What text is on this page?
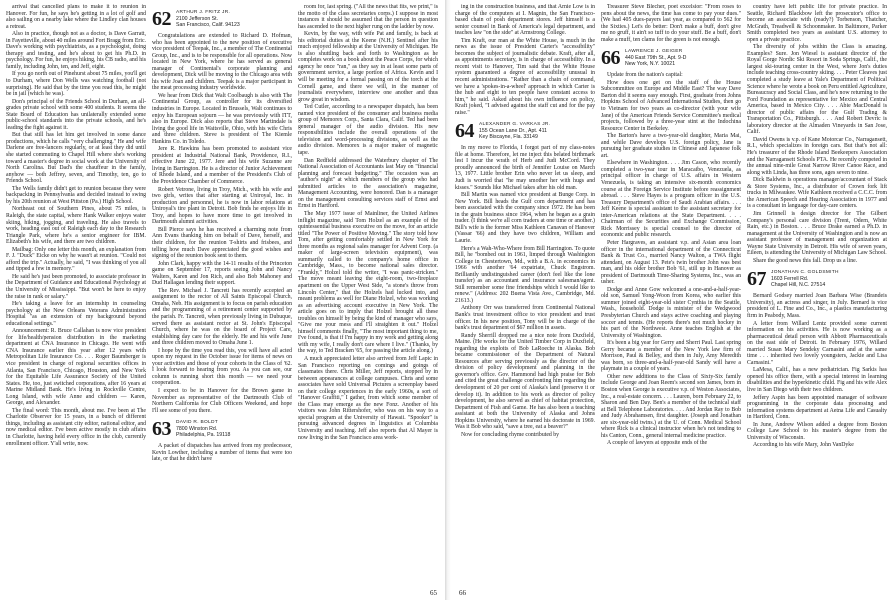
arrival that cancelled plans to make it to reunion in Hanover. For fun, he says he's getting in a lot of golf and also sailing on a nearby lake where the Lindley clan houses a retreat.

Also in practice, though not as a doctor, is Dave Garratt, in Fayetteville, about 40 miles around Fort Bragg from Eric. Dave's working with psychiatrists, as a psychologist, doing therapy and testing, and he's about to get his Ph.D. in psychology. For fun, he enjoys hiking, his CB radio, and his family, including John, ten, and Jeff, eight.

If you go north out of Pinehurst about 75 miles, you'll get to Durham, where Don Wells was watching football (not surprising). He said that by the time you read this, he might be in jail (which he was).

Don's principal of the Friends School in Durham, an all-grades private school with some 400 students. It seems the State Board of Education has unilaterally extended some public-school standards into the private schools, and he's leading the fight against it.

But that still has let him get involved in some dance productions, which he calls "very challenging." He and wife Darlene are free-lancers regularly, or at least they did until she started commuting to Chapel Hill where she's working toward a master's degree in social work at the University of North Carolina. But Dad's the chauffeur in the family, anyhow — both Jeffrey, seven, and Timothy, ten, go to Friends School.

The Wells family didn't get to reunion because they were backpacking in Pennsylvania and decided instead to swing by his 20th reunion at West Pittston (Pa.) High School.

Northeast out of Southern Pines, about 75 miles, is Raleigh, the state capital, where Hank Walker enjoys water skiing, hiking, jogging, and traveling. He also travels to work, heading east out of Raleigh each day to the Research Triangle Park, where he's a senior engineer for IBM. Elizabeth's his wife, and there are two children.

Mailbag: Only one letter this month, an explanation from F. J. "Duck" Eicke on why he wasn't at reunion. "Could not afford the trip." Actually, he said, "I was thinking of you all and tipped a few in memory."

He said he's just been promoted, to associate professor in the Department of Guidance and Educational Psychology at the University of Mississippi. "But won't be here to enjoy the raise in rank or salary."

He's taking a leave for an internship in counseling psychology at the New Orleans Veterans Administration Hospital "as an extension of my background beyond educational settings."

Announcement: R. Bruce Callahan is now vice president for life/health/pension distribution in the marketing department at CNA Insurance in Chicago. He went with CNA Insurance earlier this year after 12 years with Metropolitan Life Insurance Co. . . . Roger Baumberger is vice president in charge of regional securities offices in Atlanta, San Francisco, Chicago, Houston, and New York for the Equitable Life Assurance Society of the United States. He, too, just switched corporations, after 16 years at Marine Midland Bank. He's living in Rockville Centre, Long Island, with wife Anne and children — Karen, George, and Alexander.

The final word: This month, about me. I've been at The Charlotte Observer for 15 years, in a bunch of different things, including as assistant city editor, national editor, and now medical editor. I've been active mostly in club affairs in Charlotte, having held every office in the club, currently enrollment officer. Y'all write, now.

62 ARTHUR J. FRITZ JR.
2100 Jefferson St.
San Francisco, Calif. 94123

Congratulations are extended to Richard D. Hofman, who has been appointed to the new position of executive vice president of Teepak, Inc., a member of The Continental Group, Inc., and is to be responsible for all operations. Now located in New York, where he has served as general manager of Continental's corporate planning and development, Dick will be moving to the Chicago area with his wife Joan and children. Teepak is a major participant in the meat processing industry worldwide.

We hear from Dick that Walt Coolbaugh is also with The Continental Group, as controller for its diversified industries in Europe. Located in Brussels, Walt continues to enjoy his European sojourn — he was previously with ITT, also in Europe. Dick also reports that Steve Martindale is living the good life in Waitsville, Ohio, with his wife Chris and three children. Steve is president of The Kiemle Hankins Co. in Toledo.

Jere R. Hawkins has been promoted to assistant vice president at Industrial National Bank, Providence, R.I., effective June 22, 1977. Jere and his wife Suzanne are living in Barrington. He is a director of Junior Achievement of Rhode Island, and a member of the President's Club of the Providence Chamber of Commerce.

Robert Vetrone, living in Troy, Mich., with his wife and two girls, writes that after starting at Uniroyal, Inc. in production and personnel, he is now in labor relations at Uniroyal's tire plant in Detroit. Bob finds he enjoys life in Troy, and hopes to have more time to get involved in Dartmouth alumni activities.

Bill Pierce says he has received a charming note from Ann Evans thanking him on behalf of Dave, herself, and their children, for the reunion T-shirts and frisbees, and telling how much Dave appreciated the good wishes and signing of the reunion book sent to them.

John Clark, happy with the 14-11 results of the Princeton game on September 17, reports seeing John and Nancy Walters, Karen and Jon Rich, and also Bob Mahoney and Dud Hallagan lending their support.

The Rev. Michael J. Tancreti has recently accepted an assignment to the rector of All Saints Episcopal Church, Omaha, Neb. His assignment is to focus on parish education and the programming of a retirement center supported by the parish. Fr. Tancreti, when previously living in Dubuque, served there as assistant rector at St. John's Episcopal Church, where he was on the board of Project Care, establishing day care for the elderly. He and his wife June and three children moved to Omaha June 1.

I hope by the time you read this, you will have all acted upon my request in the October issue for items of news on your activities and those of your cohorts in the Class of '62. I look forward to hearing from you. As you can see, our column is running short this month — we need your cooperation.

I expect to be in Hanover for the Brown game in November as representative of the Dartmouth Club of Northern California for Club Officers Weekend, and hope I'll see some of you there.

63 DAVID R. BOLDT
7800 Winston Rd.
Philadelphia, Pa. 19118

A packet of dispatches has arrived from my predecessor, Kevin Lowther, including a number of items that were too late, or that he didn't have

room for, last spring. ("All the news that fits, we print," is the motto of the class secretaries corps.) I suppose in most instances it should be assumed that the person in question has ascended to the next higher rung on the ladder by now.

Kevin, by the way, with wife Pat and family, is back at his editorial duties at the Keene (N.H.) Sentinel after his much enjoyed fellowship at the University of Michigan. He is also shuttling back and forth to Washington as he completes work on a book about the Peace Corps, for which agency he once "ran," as they say in at least some parts of government service, a large portion of Africa. Kevin and I will be meeting for a formal passing on of the torch at the Cornell game, and there we will, in the manner of journalists everywhere, interview one another and thus grow great in wisdom.

Ted Cutler, according to a newspaper dispatch, has been named vice president of the consumer and business media group of Memorex Corp., Santa Clara, Calif. Ted had been general manager of the audio division. His new responsibilities include the overall operations of the television and word-processing divisions, as well as the audio division. Memorex is a major maker of magnetic tape.

Dan Redfield addressed the Waterbury chapter of The National Association of Accountants last May on "financial planning and forecast budgeting." The occasion was an "author's night" at which members of the group who had submitted articles to the association's magazine, Management Accounting, were honored. Dan is a manager on the management consulting services staff of Ernst and Ernst in Hartford.

The May 1977 issue of Mainliner, the United Airlines inflight magazine, said Tom Holzel as an example of the quintessential business executive on the move, for an article titled "The Power of Positive Moving." The story told how Tom, after getting comfortably settled in New York for three months as regional sales manager for Advent Corp. (a maker of large-screen television equipment), was summarily called to the company's home office in Cambridge, Mass., to become national sales director. "Frankly," Holzel told the writer, "I was panic-stricken." The move meant leaving the eight-room, two-fireplace apartment on the Upper West Side, "a stone's throw from Lincoln Center," that the Holzels had lucked into, and meant problems as well for Diane Holzel, who was working as an advertising account executive in New York. The article goes on to imply that Holzel brought all these troubles on himself by being the kind of manager who says, "Give me your mess and I'll straighten it out." Holzel himself comments finally, "The most important thing to me, I've found, is that if I'm happy in my work and getting along with my wife, I really don't care where I live." (Thanks, by the way, to Ted Bracken '65, for passing the article along.)

A much appreciated letter also arrived from Jeff Lapic in San Francisco reporting on comings and goings of classmates there. Chris Miller, Jeff reports, stopped by in between appearances at college campuses. Chris and some associates have sold Universal Pictures a screenplay based on their college experiences in the early 1960s, a sort of "Hanover Graffiti," I gather, from which some member of the Class may emerge as the new Fonz. Another of his visitors was John Rittershofer, who was on his way to a special program at the University of Hawaii. "Spooker" is pursuing advanced degrees in linguistics at Columbia University and teaching. Jeff also reports that Al Mayer is now living in the San Francisco area work-

65

ing in the construction business, and that Arnie Low is in charge of the computers at I. Magnin, the San Francisco-based chain of posh department stores. Jeff himself is a senior counsel in Bank of America's legal department, and teaches law "on the side" at Armstrong College.

Tim Kraft, our man at the White House, is much in the news as the issue of President Carter's "accessibility" becomes the subject of journalistic debate. Kraft, after all, as appointments secretary, is in charge of accessibility. In a recent visit to Hanover, Tim said that the White House system guaranteed a degree of accessibility unusual in recent administrations. "Rather than a chain of command, we have a 'spokes-in-a-wheel' approach in which Carter is the hub and eight to ten people have constant access to him," he said. Asked about his own influence on policy, Kraft joked, "I advised against the staff cut and for the pay raise."

64 ALEXANDER G. VARKAS JR.
155 Ocean Lane Dr., Apt. 411
Key Biscayne, Fla. 33149

In my move to Florida, I forgot part of my class-notes file at home. Therefore, let me inject this belated birthmark lest I incur the wrath of Herb and Judi McCord. They proudly announced the birth of Jennifer Louise on March 13, 1977. Little brother Erin who never let us sleep, and Judi is worried that "he may smother her with hugs and kisses." Sounds like Michael takes after his old man.

Bill Martin was named vice president at Bunge Corp. in New York. Bill heads the Gulf corn department and has been associated with the company since 1972. He has been in the grain business since 1964, when he began as a grain trader. (I think we're all corn traders at one time or another.) Bill's wife is the former Miss Kathleen Canavan of Hanover (Vassar '66) and they have two children, William and Laurie.

Here's a Wah-Who-Where from Bill Harrington. To quote Bill, he "bombed out in 1961, limped through Washington College in Chestertown, Md., with a B.A. in economics in 1966 with another '64 expatriate, Chuck Engstrom. Brilliantly undistinguished career (don't feel like the lone transfer) as an accountant and insurance salesman/agent. Still remember some fine friendships which I would like to renew." (Address: 202 Buena Vista Ave., Cambridge, Md. 21613.)

Anthony Orr was transferred from Continental National Bank's trust investment office to vice president and trust officer. In his new position, Tony will be in charge of the bank's trust department of $67 million in assets.

Randy Sherrill dropped me a nice note from Duxfield, Maine. (He works for the United Timber Corp in Duxfield, regarding the exploits of Bob LaRoeche in Alaska. Bob became commissioner of the Department of Natural Resources after serving previously as the director of the division of policy development and planning in the governor's office. Gov. Hammond had high praise for Bob and cited the great challenge confronting him regarding the development of 20 per cent of Alaska's land (preserve it or develop it). In addition to his work as director of policy development, he also served as chief of habitat protection, Department of Fish and Game. He has also been a teaching assistant at both the University of Alaska and Johns Hopkins University, where he earned his doctorate in 1969. Was it Bob who said, "save a tree, eat a beaver?"

Now for concluding rhyme contributed by

Treasurer Steve Blecher, poet excelsior: "From roses to pens about the news, the time has come to pay your dues." (We had 405 dues-payers last year, as compared to 562 for the Sixties.) Let's do better: Don't make a buff, don't give me no gruff, it ain't so tuff to do your stuff. Be a buff, don't make a muff, ten clams for the green is not enough.

66 LAWRENCE J. GEIGER
440 East 79th St., Apt. 9-D
New York, N.Y. 10021

Update from the nation's capital:

How does one get on the staff of the House Subcommittee on Europe and Middle East? The way Dave Barton did it seems easy enough. First, graduate from Johns Hopkins School of Advanced International Studies, then go to Vietnam for two years as co-director (with your wife Jane) of the American Friends Service Committee's medical projects, followed by a three-year stint at the Indochina Resource Center in Berkeley.

The Barton's have a two-year-old daughter, Maria Mai, and while Dave develops U.S. foreign policy, Jane is pursuing her graduate studies in Chinese and Japanese folk art.

Elsewhere in Washington. . . . Jim Cason, who recently completed a two-year tour in Maracaibo, Venezuela, as principal officer in charge of U.S. affairs in Western Venezuela, is taking an intensive six-month economics course at the Foreign Service Institute before reassignment abroad. . . . Steve Hayes is a program officer in the U.S. Treasury Department's office of Saudi Arabian affairs. . . . Jeff Keene is special assistant to the assistant secretary for inter-American relations at the State Department. . . . Chairman of the Securities and Exchange Commission, Rick Morrissey is special counsel to the director of economic and public research.

Peter Hargraves, an assistant v.p. and Asian area loan officer in the international department of the Connecticut Bank & Trust Co., married Nancy Walton, a TWA flight attendant, on August 13. Pete's twin brother John was best man, and his older brother Bob '61, still up in Hanover as president of Dartmouth Time-Sharing Systems, Inc., was an usher.

Dodge and Anne Gow welcomed a one-and-a-half-year-old son, Samuel Yong-Woon from Korea, who earlier this summer joined eight-year-old sister Cynthia in the Seattle, Wash., household. Dodge is minister of the Wedgwood Presbyterian Church and stays active coaching and playing soccer and tennis. (He reports there's not much hockey in his part of the Northwest. Anne teaches English at the University of Washington.

It's been a big year for Gerry and Sherri Paul. Last spring Gerry became a member of the New York law firm of Morrison, Paul & Belley, and then in July, Amy Meredith was born, so three-and-a-half-year-old Sandy will have a playmate in a couple of years.

Other new additions to the Class of Sixty-Six family include George and Joan Reem's second son James, born in Boston when George is executive v.p. of Weston Associates, Inc., a real-estate concern. . . . Lauren, born February 22, to Sharon and Ben Day. Ben's a member of the technical staff at Bell Telephone Laboratories. . . . And Jordan Ray to Bob and Judy Abrahamsen, first daughter. (Joseph and Jonathan are six-year-old twins.) at the U. of Conn. Medical School where Rick is a clinical instructor when he's not tending to his Canton, Conn., general internal medicine practice.

A couple of lawyers at opposite ends of the

country have left public life for private practice. In Seattle, Richard Blackbow left the prosecutor's office to become an associate with (ready?) Torbenson, Thatcher, McGrath, Treadwell & Schoonmaker. In Baltimore, Parker Smith completed two years as assistant U.S. attorney to open a private practice.

The diversity of jobs within the Class is amazing. Examples? Sure. Jon Wiesel is assistant director of the Royal Gorge Nordic Ski Resort in Soda Springs, Calif., the largest ski-touring center in the West, where Jon's duties include teaching cross-country skiing. . . . Peter Cleaves just completed a study leave at Yale's Department of Political Science where he wrote a book on Peru entitled Agriculture, Bureaucracy and Social Class, and he's now returning to the Ford Foundation as representative for Mexico and Central America, based in Mexico City. . . . Abie MacDonald is director of public affairs for the Gulf Trading & Transportation Co., Pittsburgh. . . . And Robert Devric is laboratory director at the Almaden Vineyards in San Jose, Calif.

David Owens is v.p. of Kane Motorcar Co., Narragansett, R.I., which specializes in foreign cars. But that's not all: He's treasurer of the Rhode Island Beekeepers Association and the Narragansett Schools PTA. He recently competed in the annual nine-mile Great Narrow River Canoe Race, and along with Linda, has three sons, ages seven to nine.

Dick Baldwin is operations manager/accountant of Stack & Store Systems, Inc., a distributor of Crown fork lift trucks in Milwaukee. Wife Kathleen received a C.C.C. from the American Speech and Hearing Association in 1977 and is a consultant in language for day-care centers.

Jim Grinnell is design director for The Gilbert Company's personal care division (Trent, Odern, White Rain, etc.) in Boston. . . . Bruce Drake earned a Ph.D. in management at the University of Washington and is now an assistant professor of management and organization at Wayne State University in Detroit. His wife of seven years, Eileen, is attending the University of Michigan Law School.

Share the good news this fall. Drop us a line.

67 JONATHAN C. GOLDSMITH
1603 Ferrell Rd.
Chapel Hill, N.C. 27514

Bernard Godsey married Joan Barbara Wise (Brandeis University), an actress and singer, in July. Bernard is vice president of L. Fine and Co., Inc., a plastics manufacturing firm in Peabody, Mass.

A letter from Willard Lentz provided some current information on his activities. He is now working as a pharmaceutical detail person with Abbott Pharmaceuticals on the east side of Detroit. In February 1976, Willard married Susan Mary Sendeky Carnasini and at the same time . . . inherited two lovely youngsters, Jackie and Lisa Carnasini."

LaMesa, Calif., has a new pediatrician. Fig Sarkis has opened his office there, with a special interest in learning disabilities and the hyperkinetic child. Fig and his wife Alex live in San Diego with their two children.

Jeffery Aspin has been appointed manager of software programming in the corporate data processing and information systems department at Aetna Life and Casualty in Hartford, Conn.

In June, Andrew Wilson added a degree from Boston College Law School to his master's degree from the University of Wisconsin.

According to his wife Mary, John VanDyke

66
